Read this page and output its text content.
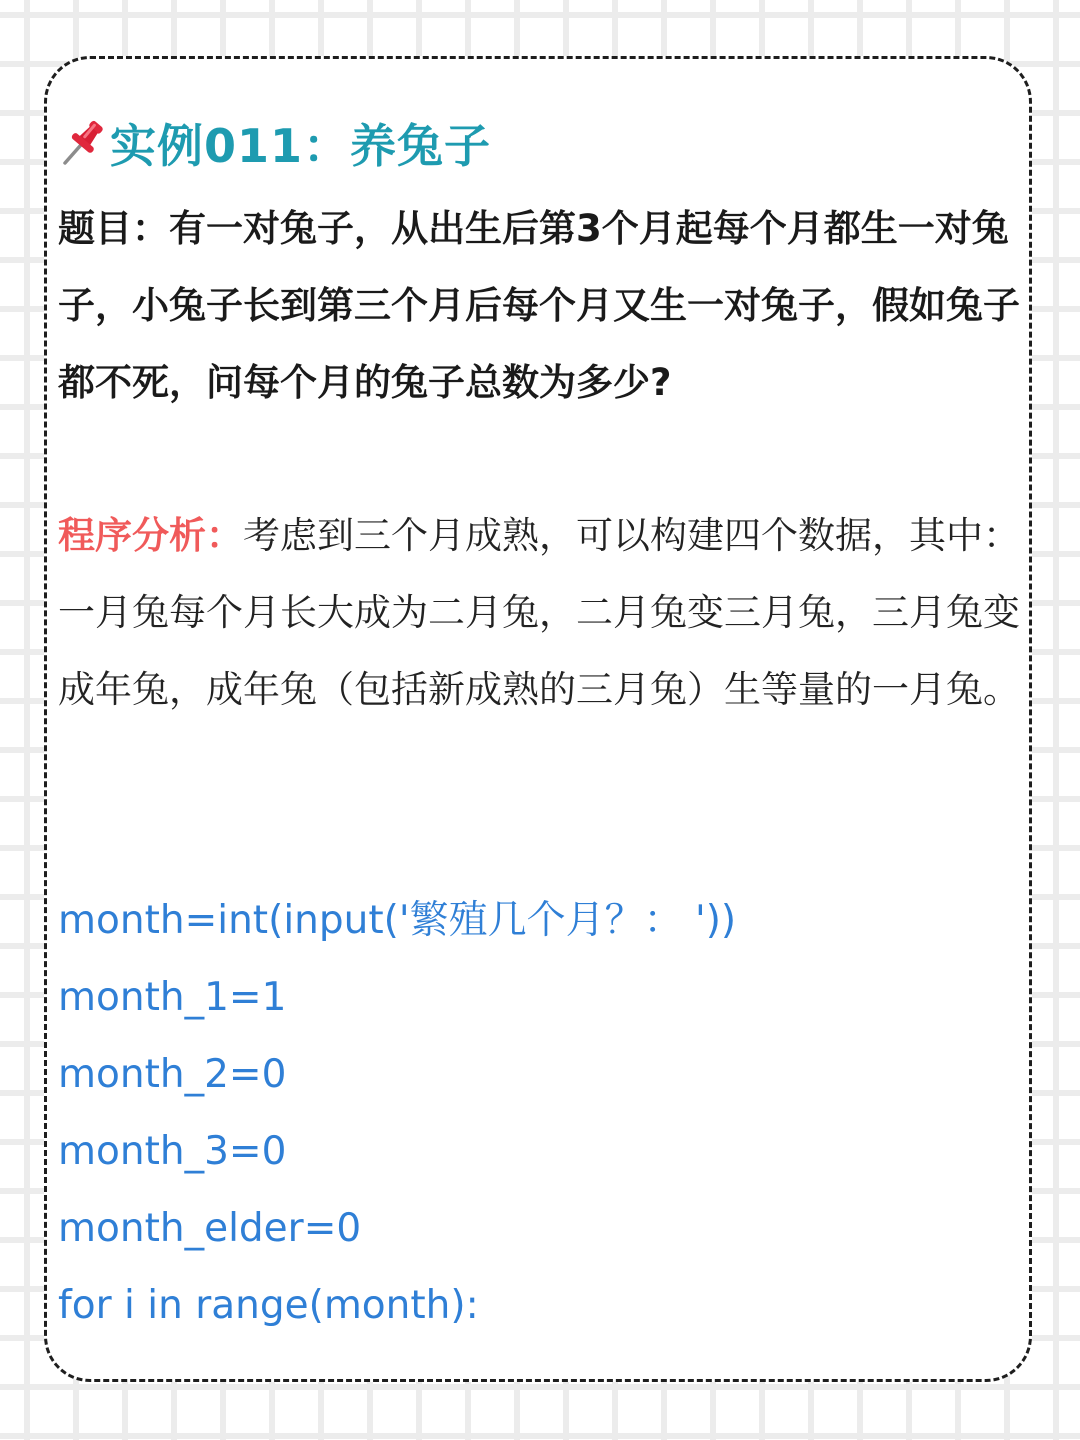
实例011：养兔子

题目：有一对兔子，从出生后第3个月起每个月都生一对兔子，小兔子长到第三个月后每个月又生一对兔子，假如兔子都不死，问每个月的兔子总数为多少?

程序分析：考虑到三个月成熟，可以构建四个数据，其中：一月兔每个月长大成为二月兔，二月兔变三月兔，三月兔变成年兔，成年兔（包括新成熟的三月兔）生等量的一月兔。

month=int(input('繁殖几个月？： '))
month_1=1
month_2=0
month_3=0
month_elder=0
for i in range(month):
